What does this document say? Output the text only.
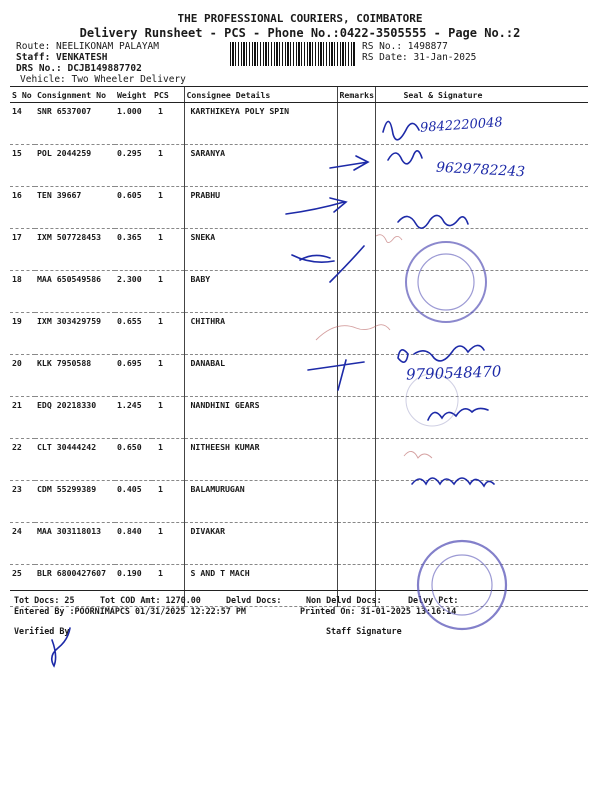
THE PROFESSIONAL COURIERS, COIMBATORE
Delivery Runsheet - PCS - Phone No.:0422-3505555 - Page No.:2
Route: NEELIKONAM PALAYAM
Staff: VENKATESH
DRS No.: DCJB149887702
Vehicle: Two Wheeler Delivery
RS No.: 1498877
RS Date: 31-Jan-2025
S No	Consignment No	Weight	PCS	Consignee Details	Remarks	Seal & Signature
14	SNR 6537007	1.000	1	KARTHIKEYA POLY SPIN		
15	POL 2044259	0.295	1	SARANYA		
16	TEN 39667	0.605	1	PRABHU		
17	IXM 507728453	0.365	1	SNEKA		
18	MAA 650549586	2.300	1	BABY		
19	IXM 303429759	0.655	1	CHITHRA		
20	KLK 7950588	0.695	1	DANABAL		
21	EDQ 20218330	1.245	1	NANDHINI GEARS		
22	CLT 30444242	0.650	1	NITHEESH KUMAR		
23	CDM 55299389	0.405	1	BALAMURUGAN		
24	MAA 303118013	0.840	1	DIVAKAR		
25	BLR 6800427607	0.190	1	S AND T MACH		
Tot Docs: 25	Tot COD Amt: 1270.00	Delvd Docs:	Non Delvd Docs:	Delvy Pct:
Entered By :POORNIMAPCS 01/31/2025 12:22:57 PM	Printed On: 31-01-2025 13:16:14
Verified By	Staff Signature
9842220048
9629782243
9790548470
